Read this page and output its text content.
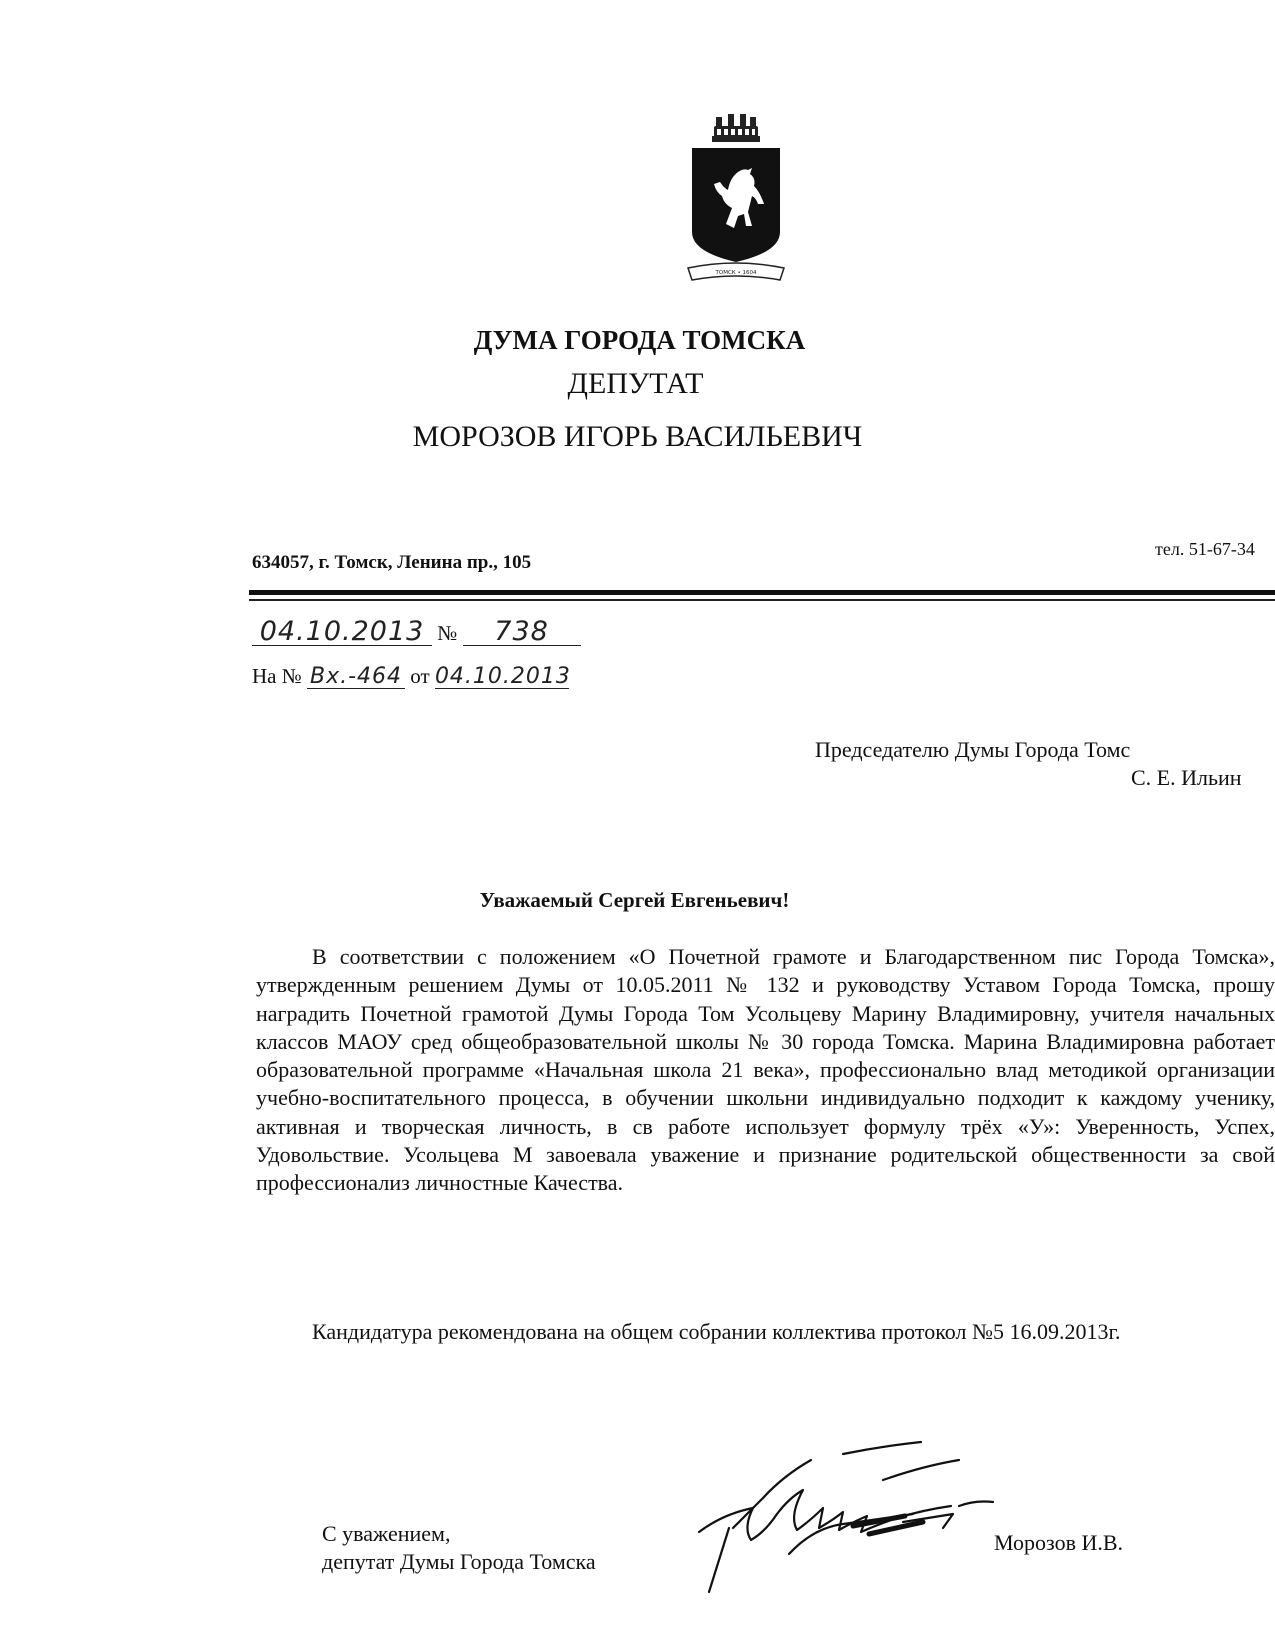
ТОМСК • 1604
ДУМА ГОРОДА ТОМСКА
ДЕПУТАТ
МОРОЗОВ ИГОРЬ ВАСИЛЬЕВИЧ
634057, г. Томск, Ленина пр., 105
тел. 51-67-34
04.10.2013 № 738
На № Вх.-464 от 04.10.2013
Председателю Думы Города Томс
С. Е. Ильин
Уважаемый Сергей Евгеньевич!

В соответствии с положением «О Почетной грамоте и Благодарственном пис Города Томска», утвержденным решением Думы от 10.05.2011 № 132 и руководству Уставом Города Томска, прошу наградить Почетной грамотой Думы Города Том Усольцеву Марину Владимировну, учителя начальных классов МАОУ сред общеобразовательной школы № 30 города Томска. Марина Владимировна работает образовательной программе «Начальная школа 21 века», профессионально влад методикой организации учебно-воспитательного процесса, в обучении школьни индивидуально подходит к каждому ученику, активная и творческая личность, в св работе использует формулу трёх «У»: Уверенность, Успех, Удовольствие. Усольцева М завоевала уважение и признание родительской общественности за свой профессионализ личностные Качества.

Кандидатура рекомендована на общем собрании коллектива протокол №5 16.09.2013г.

С уважением,
депутат Думы Города Томска
Морозов И.В.
